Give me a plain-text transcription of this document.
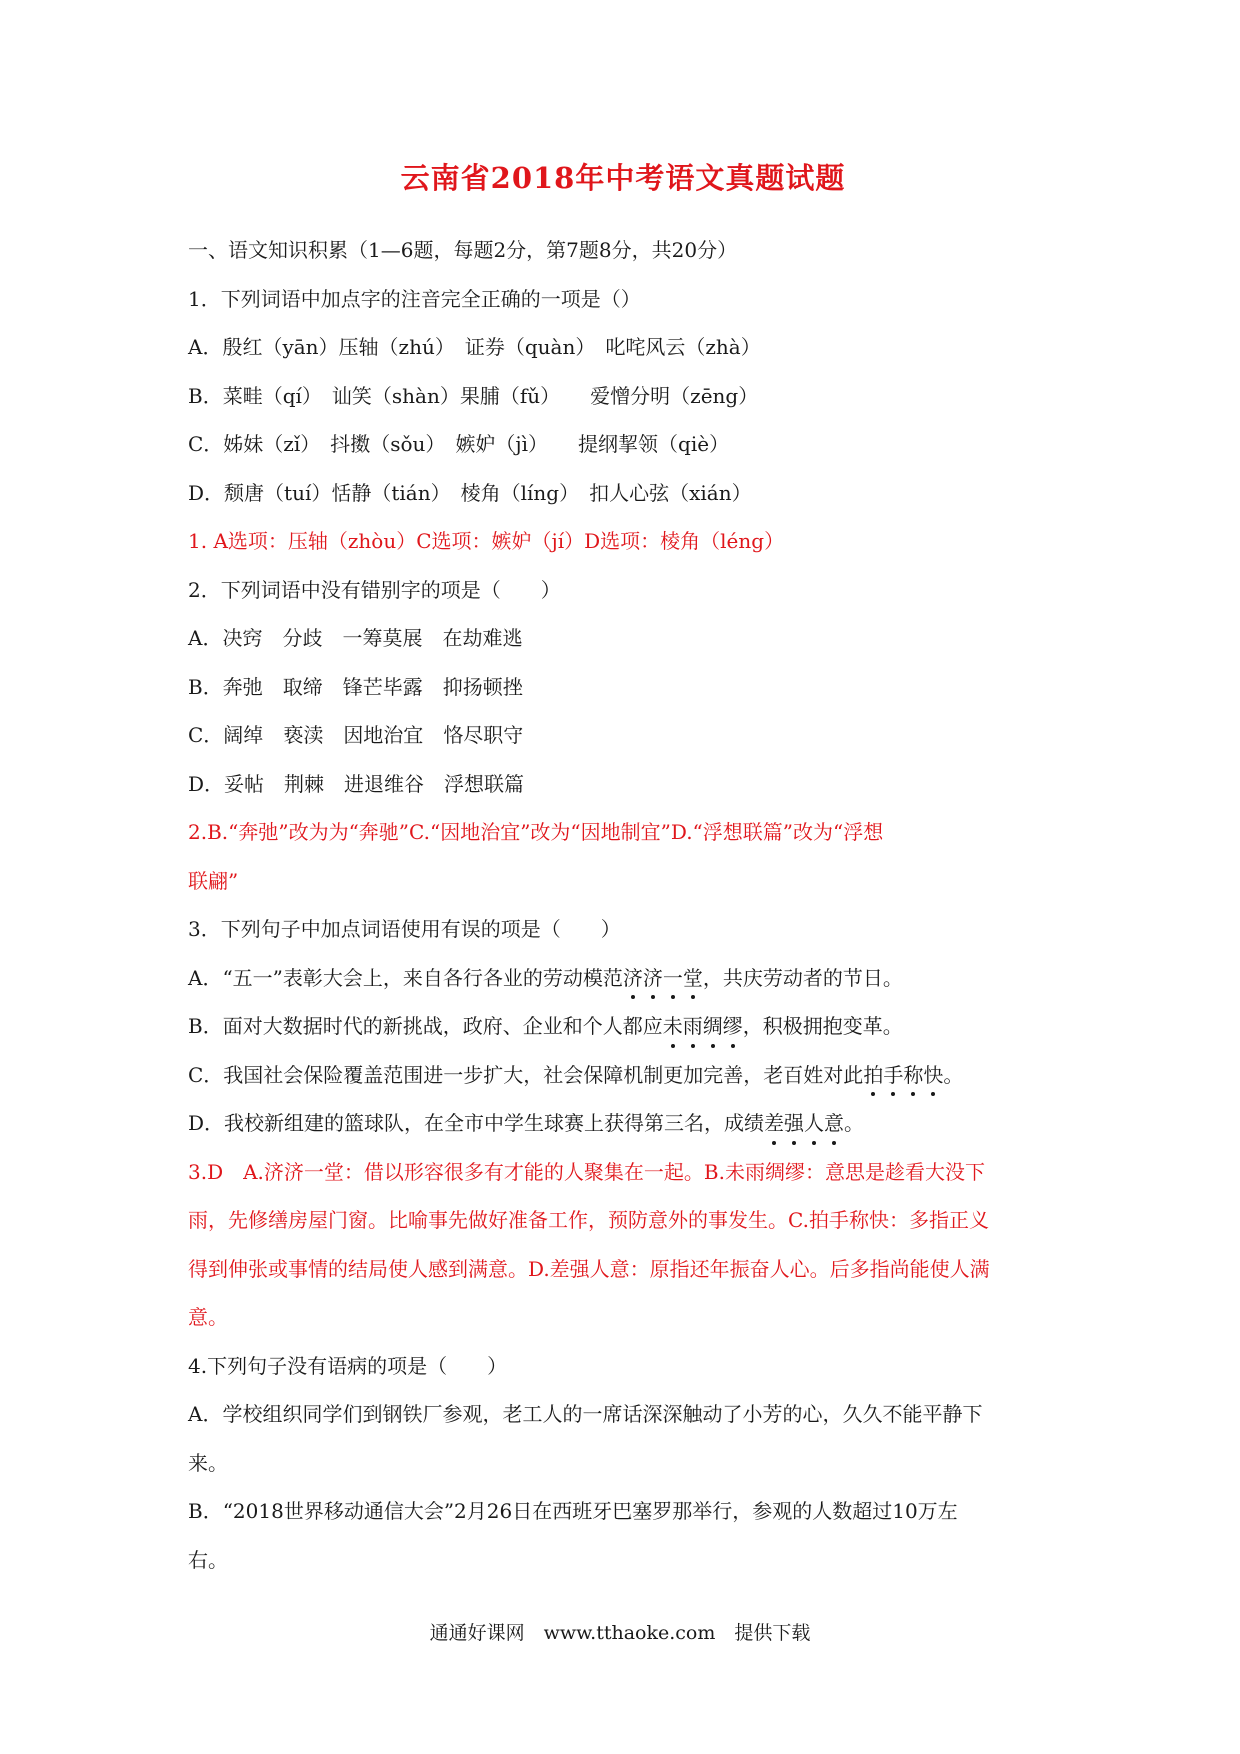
云南省2018年中考语文真题试题
一、语文知识积累（1—6题，每题2分，第7题8分，共20分）
1．下列词语中加点字的注音完全正确的一项是（）
A．殷红（yān）压轴（zhú）　 证券（quàn）　 叱咤风云（zhà）
B．菜畦（qí）　 讪笑（shàn）果脯（fǔ）　　 爱憎分明（zēng）
C．姊妹（zǐ）　 抖擞（sǒu）　 嫉妒（jì）　　 提纲挈领（qiè）
D．颓唐（tuí）恬静（tián）　 棱角（líng）　 扣人心弦（xián）
1. A选项：压轴（zhòu）C选项：嫉妒（jí）D选项：棱角（léng）
2．下列词语中没有错别字的项是（　　）
A．决窍　 分歧　 一筹莫展　 在劫难逃
B．奔弛　 取缔　 锋芒毕露　 抑扬顿挫
C．阔绰　 亵渎　 因地治宜　 恪尽职守
D．妥帖　 荆棘　 进退维谷　 浮想联篇
2.B.“奔弛”改为为“奔驰”C.“因地治宜”改为“因地制宜”D.“浮想联篇”改为“浮想
联翩”
3．下列句子中加点词语使用有误的项是（　　）
A．“五一”表彰大会上，来自各行各业的劳动模范济济一堂，共庆劳动者的节日。
B．面对大数据时代的新挑战，政府、企业和个人都应未雨绸缪，积极拥抱变革。
C．我国社会保险覆盖范围进一步扩大，社会保障机制更加完善，老百姓对此拍手称快。
D．我校新组建的篮球队，在全市中学生球赛上获得第三名，成绩差强人意。
3.D　A.济济一堂：借以形容很多有才能的人聚集在一起。B.未雨绸缪：意思是趁看大没下
雨，先修缮房屋门窗。比喻事先做好准备工作，预防意外的事发生。C.拍手称快：多指正义
得到伸张或事情的结局使人感到满意。D.差强人意：原指还年振奋人心。后多指尚能使人满
意。
4.下列句子没有语病的项是（　　）
A．学校组织同学们到钢铁厂参观，老工人的一席话深深触动了小芳的心，久久不能平静下
来。
B．“2018世界移动通信大会”2月26日在西班牙巴塞罗那举行，参观的人数超过10万左
右。
通通好课网　www.tthaoke.com　提供下载
